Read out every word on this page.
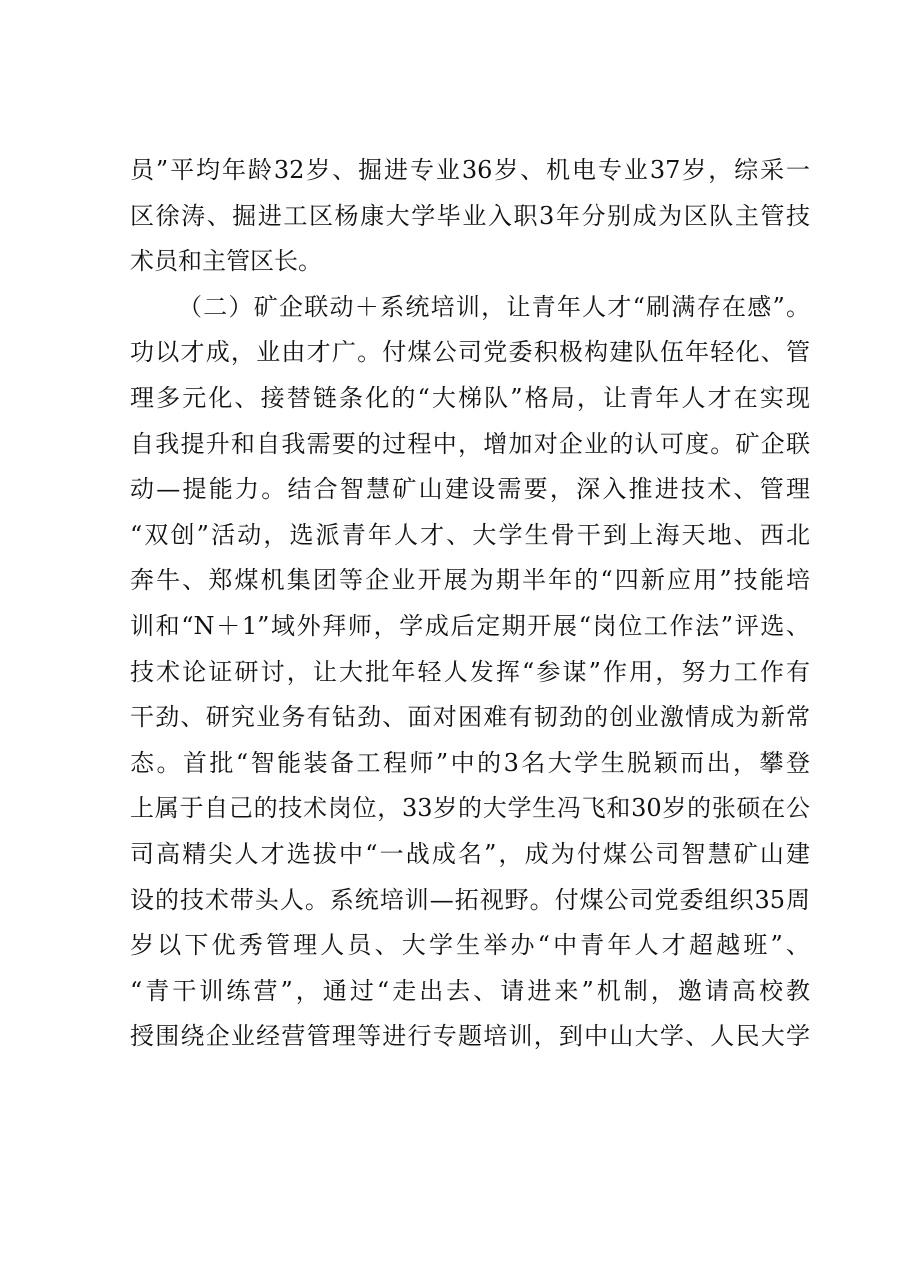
员”平均年龄32岁、掘进专业36岁、机电专业37岁，综采一
区徐涛、掘进工区杨康大学毕业入职3年分别成为区队主管技
术员和主管区长。
（二）矿企联动＋系统培训，让青年人才“刷满存在感”。
功以才成，业由才广。付煤公司党委积极构建队伍年轻化、管
理多元化、接替链条化的“大梯队”格局，让青年人才在实现
自我提升和自我需要的过程中，增加对企业的认可度。矿企联
动—提能力。结合智慧矿山建设需要，深入推进技术、管理
“双创”活动，选派青年人才、大学生骨干到上海天地、西北
奔牛、郑煤机集团等企业开展为期半年的“四新应用”技能培
训和“N＋1”域外拜师，学成后定期开展“岗位工作法”评选、
技术论证研讨，让大批年轻人发挥“参谋”作用，努力工作有
干劲、研究业务有钻劲、面对困难有韧劲的创业激情成为新常
态。首批“智能装备工程师”中的3名大学生脱颖而出，攀登
上属于自己的技术岗位，33岁的大学生冯飞和30岁的张硕在公
司高精尖人才选拔中“一战成名”，成为付煤公司智慧矿山建
设的技术带头人。系统培训—拓视野。付煤公司党委组织35周
岁以下优秀管理人员、大学生举办“中青年人才超越班”、
“青干训练营”，通过“走出去、请进来”机制，邀请高校教
授围绕企业经营管理等进行专题培训，到中山大学、人民大学
